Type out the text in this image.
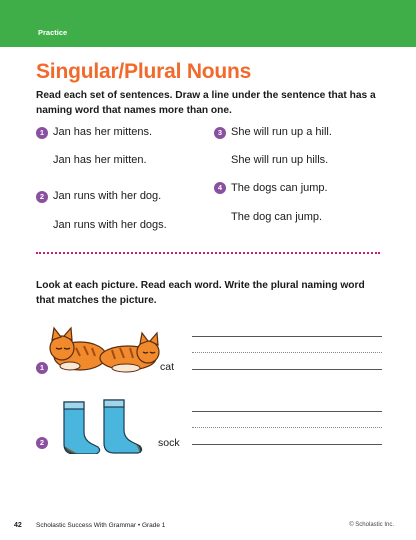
Practice
Singular/Plural Nouns
Read each set of sentences. Draw a line under the sentence that has a naming word that names more than one.
1 Jan has her mittens.
Jan has her mitten.
2 Jan runs with her dog.
Jan runs with her dogs.
3 She will run up a hill.
She will run up hills.
4 The dogs can jump.
The dog can jump.
Look at each picture. Read each word. Write the plural naming word that matches the picture.
1	cat
2	sock
42 Scholastic Success With Grammar • Grade 1	© Scholastic Inc.
